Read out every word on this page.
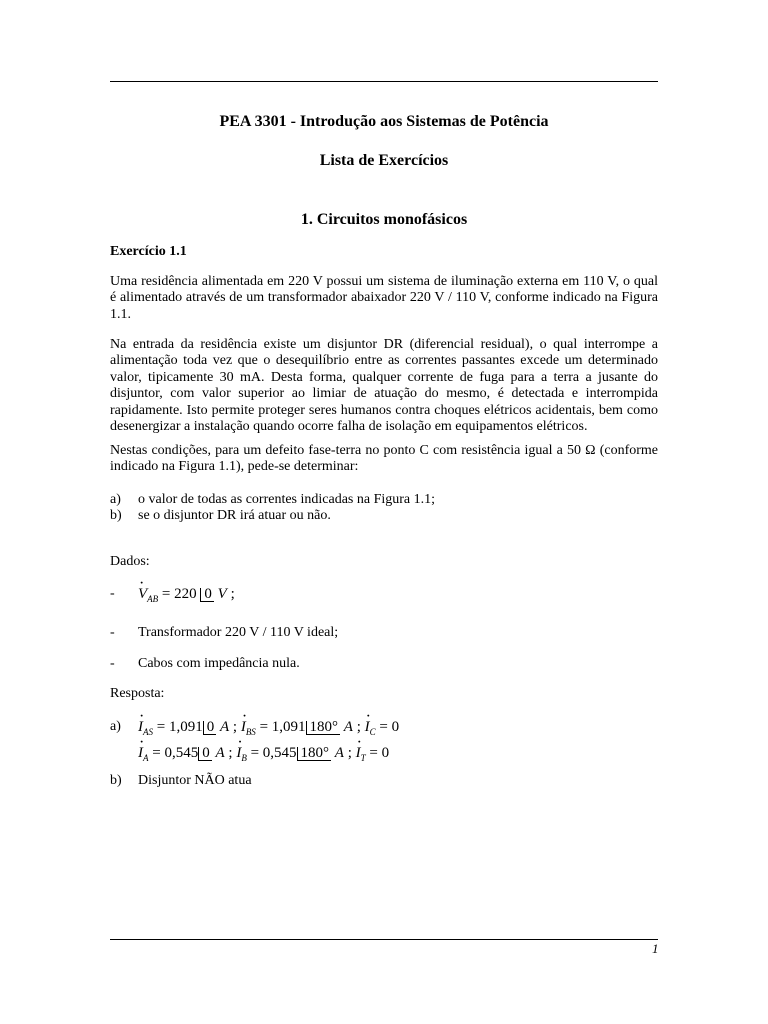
PEA 3301 - Introdução aos Sistemas de Potência
Lista de Exercícios
1. Circuitos monofásicos
Exercício 1.1
Uma residência alimentada em 220 V possui um sistema de iluminação externa em 110 V, o qual é alimentado através de um transformador abaixador 220 V / 110 V, conforme indicado na Figura 1.1.
Na entrada da residência existe um disjuntor DR (diferencial residual), o qual interrompe a alimentação toda vez que o desequilíbrio entre as correntes passantes excede um determinado valor, tipicamente 30 mA. Desta forma, qualquer corrente de fuga para a terra a jusante do disjuntor, com valor superior ao limiar de atuação do mesmo, é detectada e interrompida rapidamente. Isto permite proteger seres humanos contra choques elétricos acidentais, bem como desenergizar a instalação quando ocorre falha de isolação em equipamentos elétricos.
Nestas condições, para um defeito fase-terra no ponto C com resistência igual a 50 Ω (conforme indicado na Figura 1.1), pede-se determinar:
a) o valor de todas as correntes indicadas na Figura 1.1;
b) se o disjuntor DR irá atuar ou não.
Dados:
-
· $V_{AB} = 220$ 0 V ;
- Transformador 220 V / 110 V ideal;
- Cabos com impedância nula.
Resposta:
a)
· $I_{AS} = 1,091$ 0 A ; · $I_{BS} = 1,091$ 180° A ; · $I_C = 0$
· $I_A = 0,545$ 0 A ; · $I_B = 0,545$ 180° A ; · $I_T = 0$
b) Disjuntor NÃO atua
1
